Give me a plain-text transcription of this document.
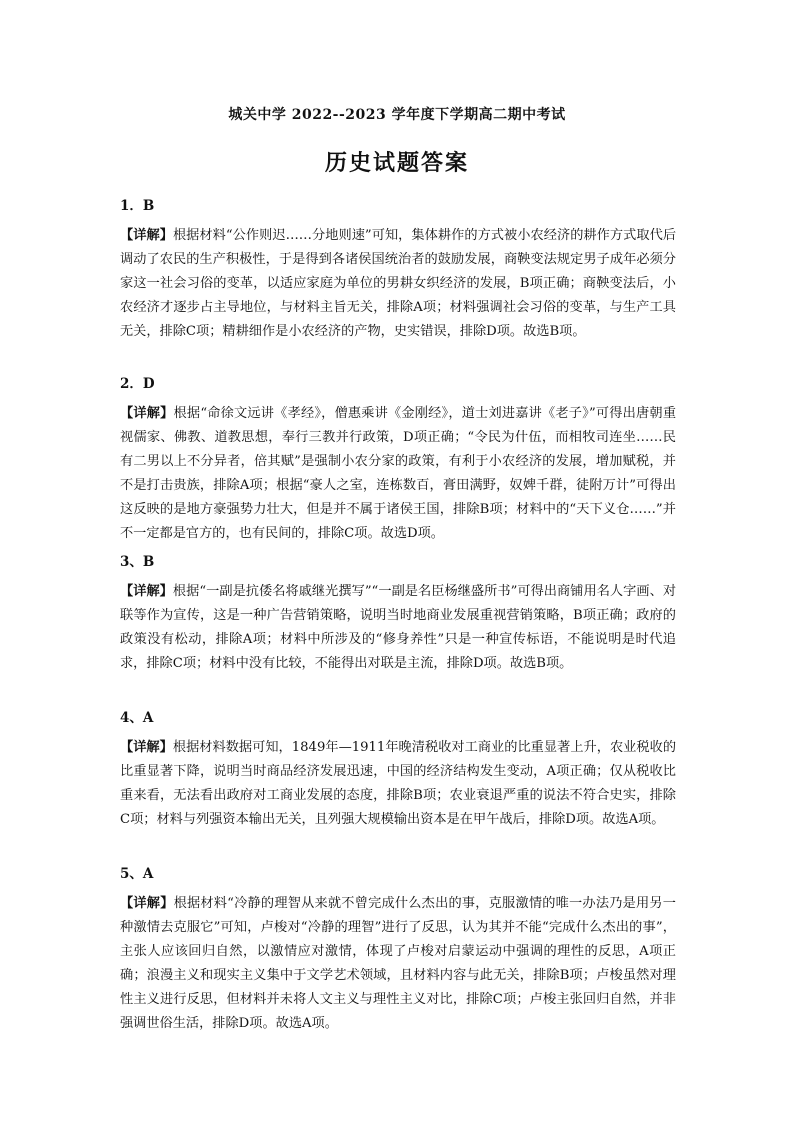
城关中学 2022--2023 学年度下学期高二期中考试
历史试题答案
1．B

【详解】根据材料“公作则迟……分地则速”可知，集体耕作的方式被小农经济的耕作方式取代后调动了农民的生产积极性，于是得到各诸侯国统治者的鼓励发展，商鞅变法规定男子成年必须分家这一社会习俗的变革，以适应家庭为单位的男耕女织经济的发展，B项正确；商鞅变法后，小农经济才逐步占主导地位，与材料主旨无关，排除A项；材料强调社会习俗的变革，与生产工具无关，排除C项；精耕细作是小农经济的产物，史实错误，排除D项。故选B项。

2．D

【详解】根据“命徐文远讲《孝经》，僧惠乘讲《金刚经》，道士刘进嘉讲《老子》”可得出唐朝重视儒家、佛教、道教思想，奉行三教并行政策，D项正确；“令民为什伍，而相牧司连坐……民有二男以上不分异者，倍其赋”是强制小农分家的政策，有利于小农经济的发展，增加赋税，并不是打击贵族，排除A项；根据“豪人之室，连栋数百，膏田满野，奴婢千群，徒附万计”可得出这反映的是地方豪强势力壮大，但是并不属于诸侯王国，排除B项；材料中的“天下义仓……”并不一定都是官方的，也有民间的，排除C项。故选D项。

3、B

【详解】根据“一副是抗倭名将戚继光撰写”“一副是名臣杨继盛所书”可得出商铺用名人字画、对联等作为宣传，这是一种广告营销策略，说明当时地商业发展重视营销策略，B项正确；政府的政策没有松动，排除A项；材料中所涉及的“修身养性”只是一种宣传标语，不能说明是时代追求，排除C项；材料中没有比较，不能得出对联是主流，排除D项。故选B项。

4、A

【详解】根据材料数据可知，1849年—1911年晚清税收对工商业的比重显著上升，农业税收的比重显著下降，说明当时商品经济发展迅速，中国的经济结构发生变动，A项正确；仅从税收比重来看，无法看出政府对工商业发展的态度，排除B项；农业衰退严重的说法不符合史实，排除C项；材料与列强资本输出无关，且列强大规模输出资本是在甲午战后，排除D项。故选A项。

5、A

【详解】根据材料“冷静的理智从来就不曾完成什么杰出的事，克服激情的唯一办法乃是用另一种激情去克服它”可知，卢梭对“冷静的理智”进行了反思，认为其并不能“完成什么杰出的事”，主张人应该回归自然，以激情应对激情，体现了卢梭对启蒙运动中强调的理性的反思，A项正确；浪漫主义和现实主义集中于文学艺术领域，且材料内容与此无关，排除B项；卢梭虽然对理性主义进行反思，但材料并未将人文主义与理性主义对比，排除C项；卢梭主张回归自然，并非强调世俗生活，排除D项。故选A项。
